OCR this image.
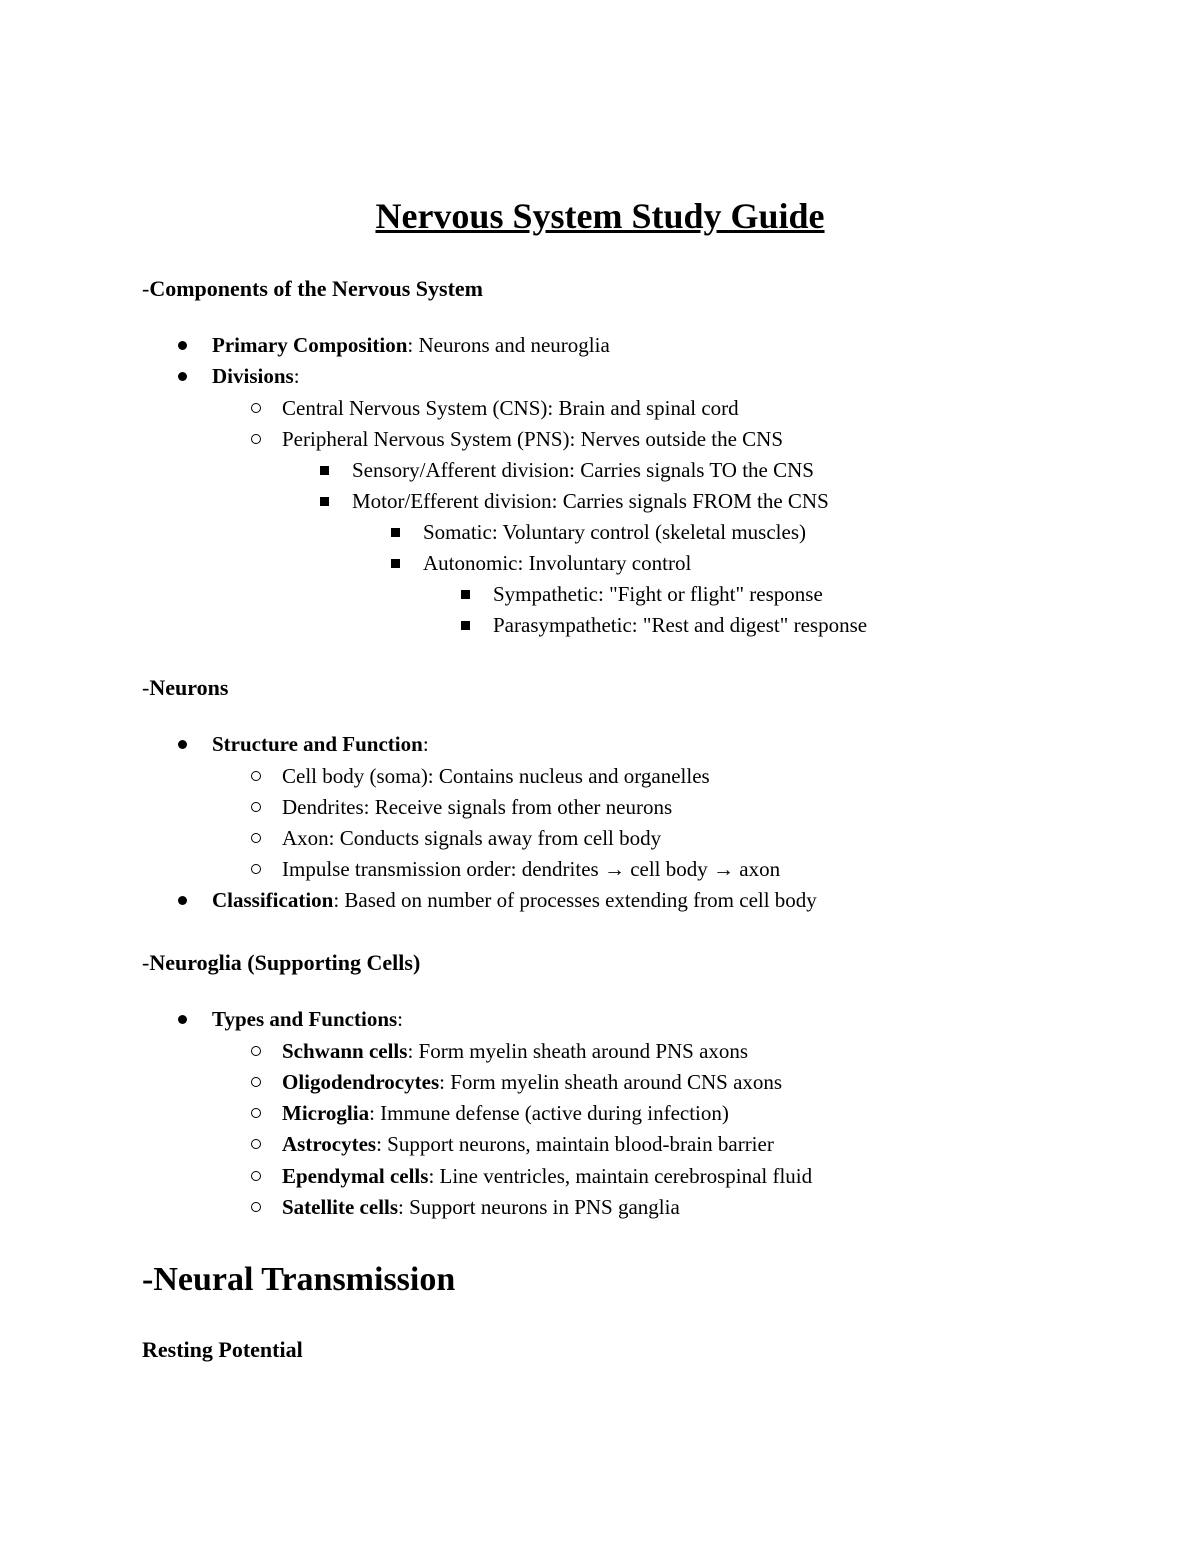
Nervous System Study Guide
-Components of the Nervous System
Primary Composition: Neurons and neuroglia
Divisions:
Central Nervous System (CNS): Brain and spinal cord
Peripheral Nervous System (PNS): Nerves outside the CNS
Sensory/Afferent division: Carries signals TO the CNS
Motor/Efferent division: Carries signals FROM the CNS
Somatic: Voluntary control (skeletal muscles)
Autonomic: Involuntary control
Sympathetic: "Fight or flight" response
Parasympathetic: "Rest and digest" response
-Neurons
Structure and Function:
Cell body (soma): Contains nucleus and organelles
Dendrites: Receive signals from other neurons
Axon: Conducts signals away from cell body
Impulse transmission order: dendrites → cell body → axon
Classification: Based on number of processes extending from cell body
-Neuroglia (Supporting Cells)
Types and Functions:
Schwann cells: Form myelin sheath around PNS axons
Oligodendrocytes: Form myelin sheath around CNS axons
Microglia: Immune defense (active during infection)
Astrocytes: Support neurons, maintain blood-brain barrier
Ependymal cells: Line ventricles, maintain cerebrospinal fluid
Satellite cells: Support neurons in PNS ganglia
-Neural Transmission
Resting Potential
